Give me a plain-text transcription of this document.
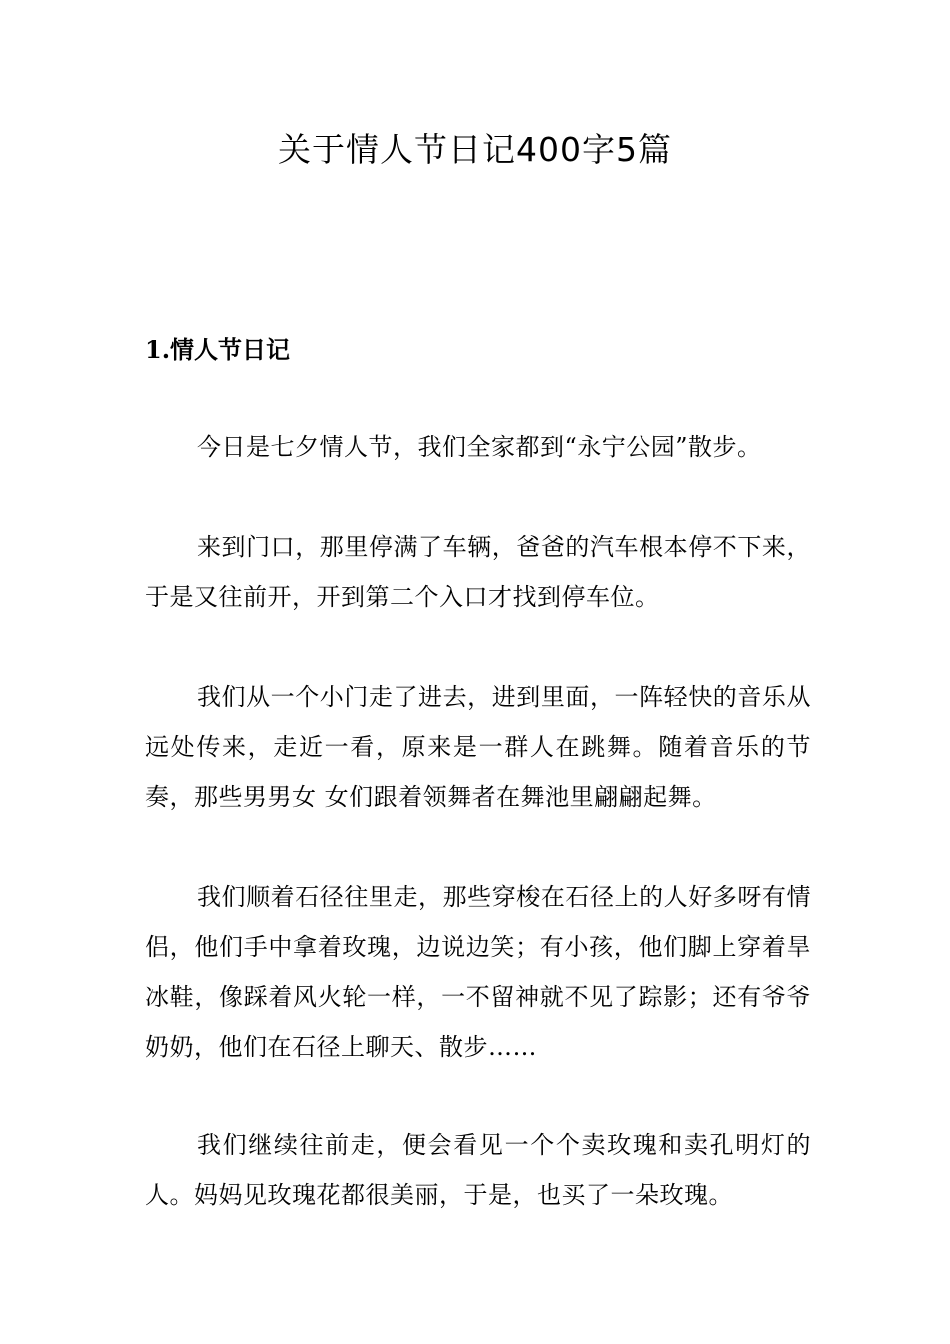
关于情人节日记400字5篇
1.情人节日记

今日是七夕情人节，我们全家都到“永宁公园”散步。

来到门口，那里停满了车辆，爸爸的汽车根本停不下来，于是又往前开，开到第二个入口才找到停车位。

我们从一个小门走了进去，进到里面，一阵轻快的音乐从远处传来，走近一看，原来是一群人在跳舞。随着音乐的节奏，那些男男女 女们跟着领舞者在舞池里翩翩起舞。

我们顺着石径往里走，那些穿梭在石径上的人好多呀有情侣，他们手中拿着玫瑰，边说边笑；有小孩，他们脚上穿着旱冰鞋，像踩着风火轮一样，一不留神就不见了踪影；还有爷爷奶奶，他们在石径上聊天、散步……

我们继续往前走，便会看见一个个卖玫瑰和卖孔明灯的人。妈妈见玫瑰花都很美丽，于是，也买了一朵玫瑰。
